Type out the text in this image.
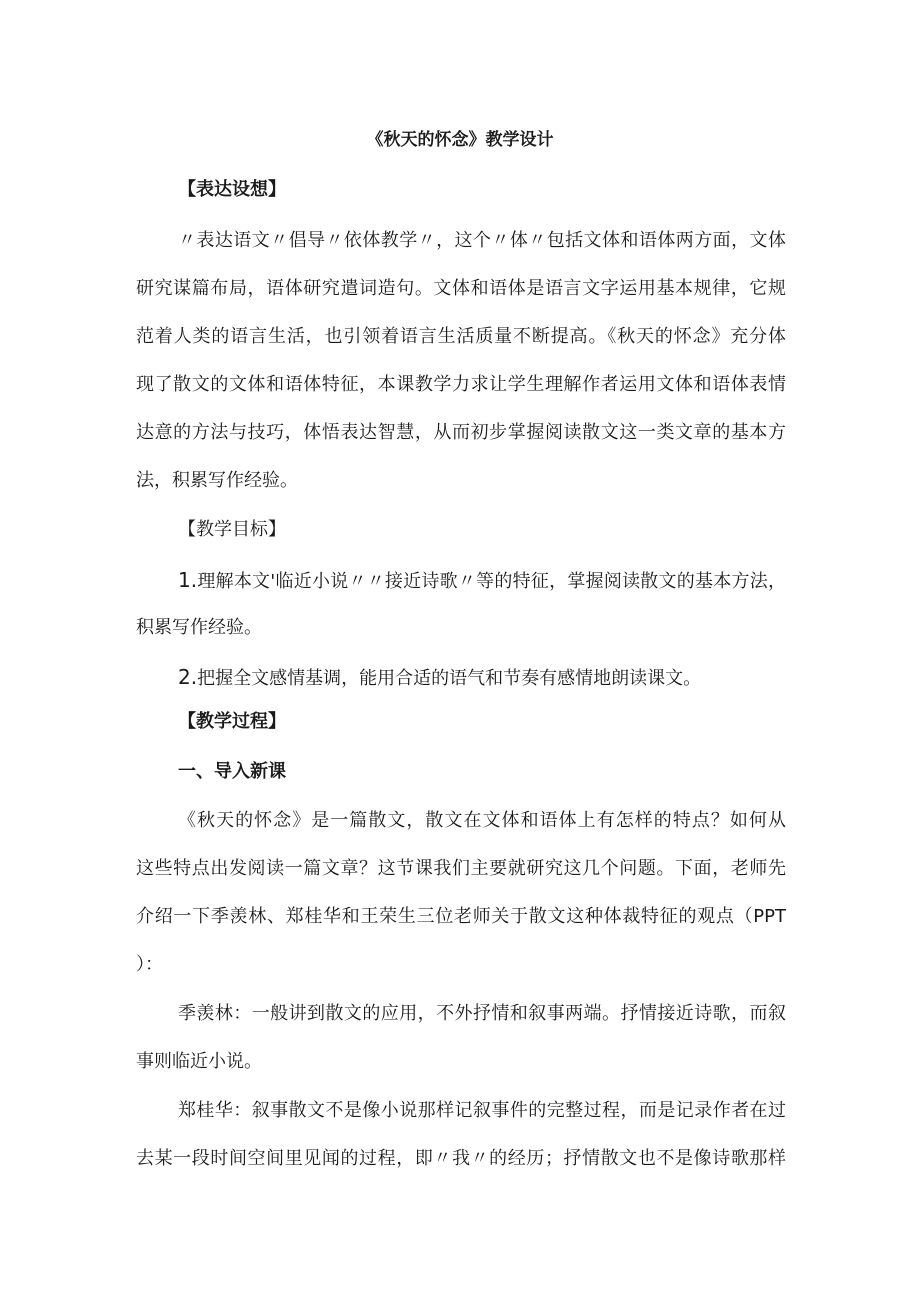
《秋天的怀念》教学设计
【表达设想】
〃表达语文〃倡导〃依体教学〃，这个〃体〃包括文体和语体两方面，文体
研究谋篇布局，语体研究遣词造句。文体和语体是语言文字运用基本规律，它规
范着人类的语言生活，也引领着语言生活质量不断提高。《秋天的怀念》充分体
现了散文的文体和语体特征，本课教学力求让学生理解作者运用文体和语体表情
达意的方法与技巧，体悟表达智慧，从而初步掌握阅读散文这一类文章的基本方
法，积累写作经验。
【教学目标】
1.理解本文'临近小说〃〃接近诗歌〃等的特征，掌握阅读散文的基本方法，
积累写作经验。
2.把握全文感情基调，能用合适的语气和节奏有感情地朗读课文。
【教学过程】
一、导入新课
《秋天的怀念》是一篇散文，散文在文体和语体上有怎样的特点？如何从
这些特点出发阅读一篇文章？这节课我们主要就研究这几个问题。下面，老师先
介绍一下季羡林、郑桂华和王荣生三位老师关于散文这种体裁特征的观点（PPT
）：
季羡林：一般讲到散文的应用，不外抒情和叙事两端。抒情接近诗歌，而叙
事则临近小说。
郑桂华：叙事散文不是像小说那样记叙事件的完整过程，而是记录作者在过
去某一段时间空间里见闻的过程，即〃我〃的经历；抒情散文也不是像诗歌那样
